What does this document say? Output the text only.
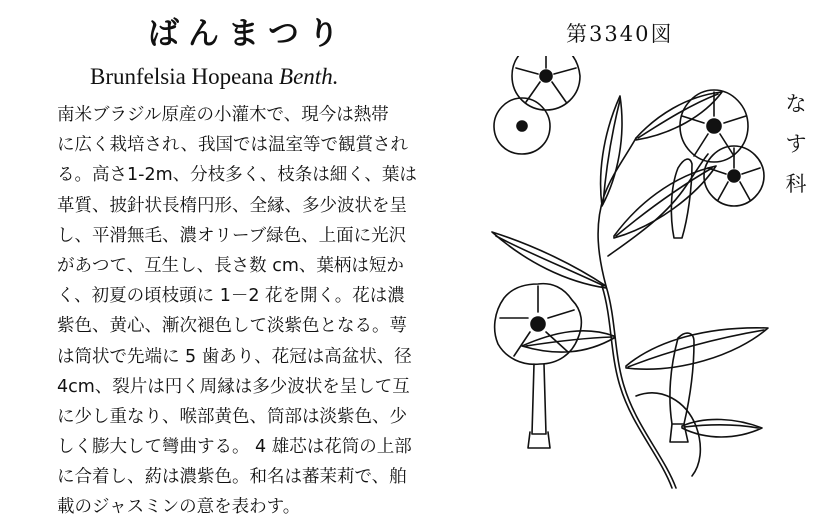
ばんまつり	第3340図
Brunfelsia Hopeana Benth.
南米ブラジル原産の小灌木で、現今は熱帯
に広く栽培され、我国では温室等で観賞され
る。高さ1-2m、分枝多く、枝条は細く、葉は
革質、披針状長楕円形、全縁、多少波状を呈
し、平滑無毛、濃オリーブ緑色、上面に光沢
があつて、互生し、長さ数 cm、葉柄は短か
く、初夏の頃枝頭に 1－2 花を開く。花は濃
紫色、黄心、漸次褪色して淡紫色となる。萼
は筒状で先端に 5 歯あり、花冠は高盆状、径
4cm、裂片は円く周縁は多少波状を呈して互
に少し重なり、喉部黄色、筒部は淡紫色、少
しく膨大して彎曲する。 4 雄芯は花筒の上部
に合着し、葯は濃紫色。和名は蕃茉莉で、舶
載のジャスミンの意を表わす。
な
す
科
